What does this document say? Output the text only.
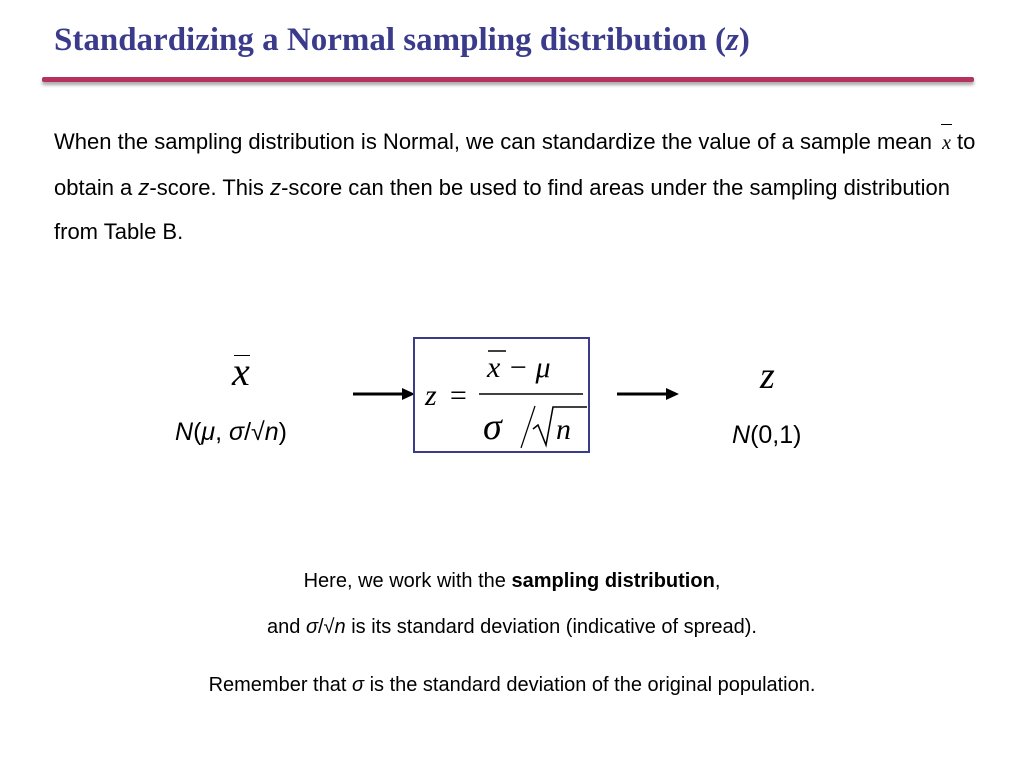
Standardizing a Normal sampling distribution (z)

When the sampling distribution is Normal, we can standardize the value of a sample mean x to obtain a z-score. This z-score can then be used to find areas under the sampling distribution from Table B.

x
N(μ, σ/√n)
z =
x − μ
σ n
z
N(0,1)

Here, we work with the sampling distribution,

and σ/√n is its standard deviation (indicative of spread).

Remember that σ is the standard deviation of the original population.
